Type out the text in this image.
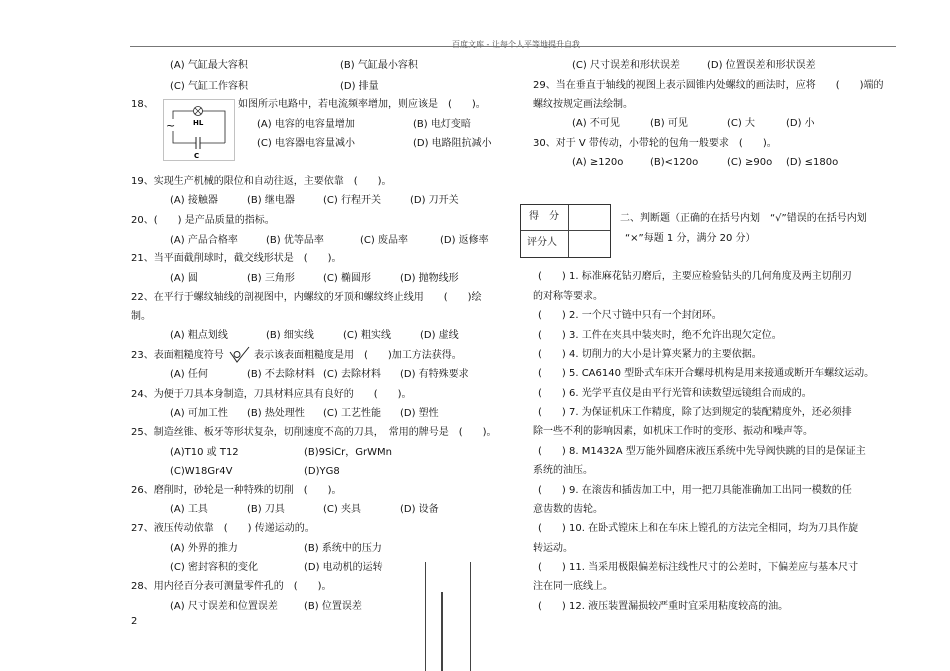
百度文库 - 让每个人平等地提升自我
(A) 气缸最大容积	(B) 气缸最小容积
(C) 气缸工作容积	(D) 排量
18、
~	HL
C
如图所示电路中，若电流频率增加，则应该是　(　　)。
(A) 电容的电容量增加	(B) 电灯变暗
(C) 电容器电容量减小	(D) 电路阻抗减小
19、实现生产机械的限位和自动往返，主要依靠　(　　)。
(A) 接触器	(B) 继电器	(C) 行程开关	(D) 刀开关
20、(　　) 是产品质量的指标。
(A) 产品合格率	(B) 优等品率	(C) 废品率	(D) 返修率
21、当平面截削球时，截交线形状是　(　　)。
(A) 圆	(B) 三角形	(C) 椭圆形	(D) 抛物线形
22、在平行于螺纹轴线的剖视图中，内螺纹的牙顶和螺纹终止线用　　(　　)绘
制。
(A) 粗点划线	(B) 细实线	(C) 粗实线	(D) 虚线
23、表面粗糙度符号	表示该表面粗糙度是用　(　　)加工方法获得。
(A) 任何	(B) 不去除材料 (C) 去除材料 (D) 有特殊要求
24、为便于刀具本身制造，刀具材料应具有良好的　　(　　)。
(A) 可加工性 (B) 热处理性 (C) 工艺性能 (D) 塑性
25、制造丝锥、板牙等形状复杂，切削速度不高的刀具，　常用的牌号是　(　　)。
(A)T10 或 T12	(B)9SiCr，GrWMn
(C)W18Gr4V	(D)YG8
26、磨削时，砂轮是一种特殊的切削　(　　)。
(A) 工具	(B) 刀具	(C) 夹具	(D) 设备
27、液压传动依靠　(　　) 传递运动的。
(A) 外界的推力	(B) 系统中的压力
(C) 密封容积的变化	(D) 电动机的运转
28、用内径百分表可测量零件孔的　(　　)。
(A) 尺寸误差和位置误差	(B) 位置误差
2
(C) 尺寸误差和形状误差	(D) 位置误差和形状误差
29、当在垂直于轴线的视图上表示圆锥内处螺纹的画法时，应将　　(　　)端的
螺纹按规定画法绘制。
(A) 不可见	(B) 可见	(C) 大	(D) 小
30、对于 V 带传动，小带轮的包角一般要求　(　　)。
(A) ≥120o	(B)<120o	(C) ≥90o (D) ≤180o
得　分
评分人
二、判断题（正确的在括号内划　“√”错误的在括号内划
“×”每题 1 分，满分 20 分）
(　　) 1. 标准麻花钻刃磨后，主要应检验钻头的几何角度及两主切削刃
的对称等要求。
(　　) 2. 一个尺寸链中只有一个封闭环。
(　　) 3. 工件在夹具中装夹时，绝不允许出现欠定位。
(　　) 4. 切削力的大小是计算夹紧力的主要依据。
(　　) 5. CA6140 型卧式车床开合螺母机构是用来接通或断开车螺纹运动。
(　　) 6. 光学平直仪是由平行光管和读数望远镜组合而成的。
(　　) 7. 为保证机床工作精度，除了达到规定的装配精度外，还必须排
除一些不利的影响因素，如机床工作时的变形、振动和噪声等。
(　　) 8. M1432A 型万能外圆磨床液压系统中先导阀快跳的目的是保证主
系统的油压。
(　　) 9. 在滚齿和插齿加工中，用一把刀具能准确加工出同一模数的任
意齿数的齿轮。
(　　) 10. 在卧式镗床上和在车床上镗孔的方法完全相同，均为刀具作旋
转运动。
(　　) 11. 当采用极限偏差标注线性尺寸的公差时，下偏差应与基本尺寸
注在同一底线上。
(　　) 12. 液压装置漏损较严重时宜采用粘度较高的油。
